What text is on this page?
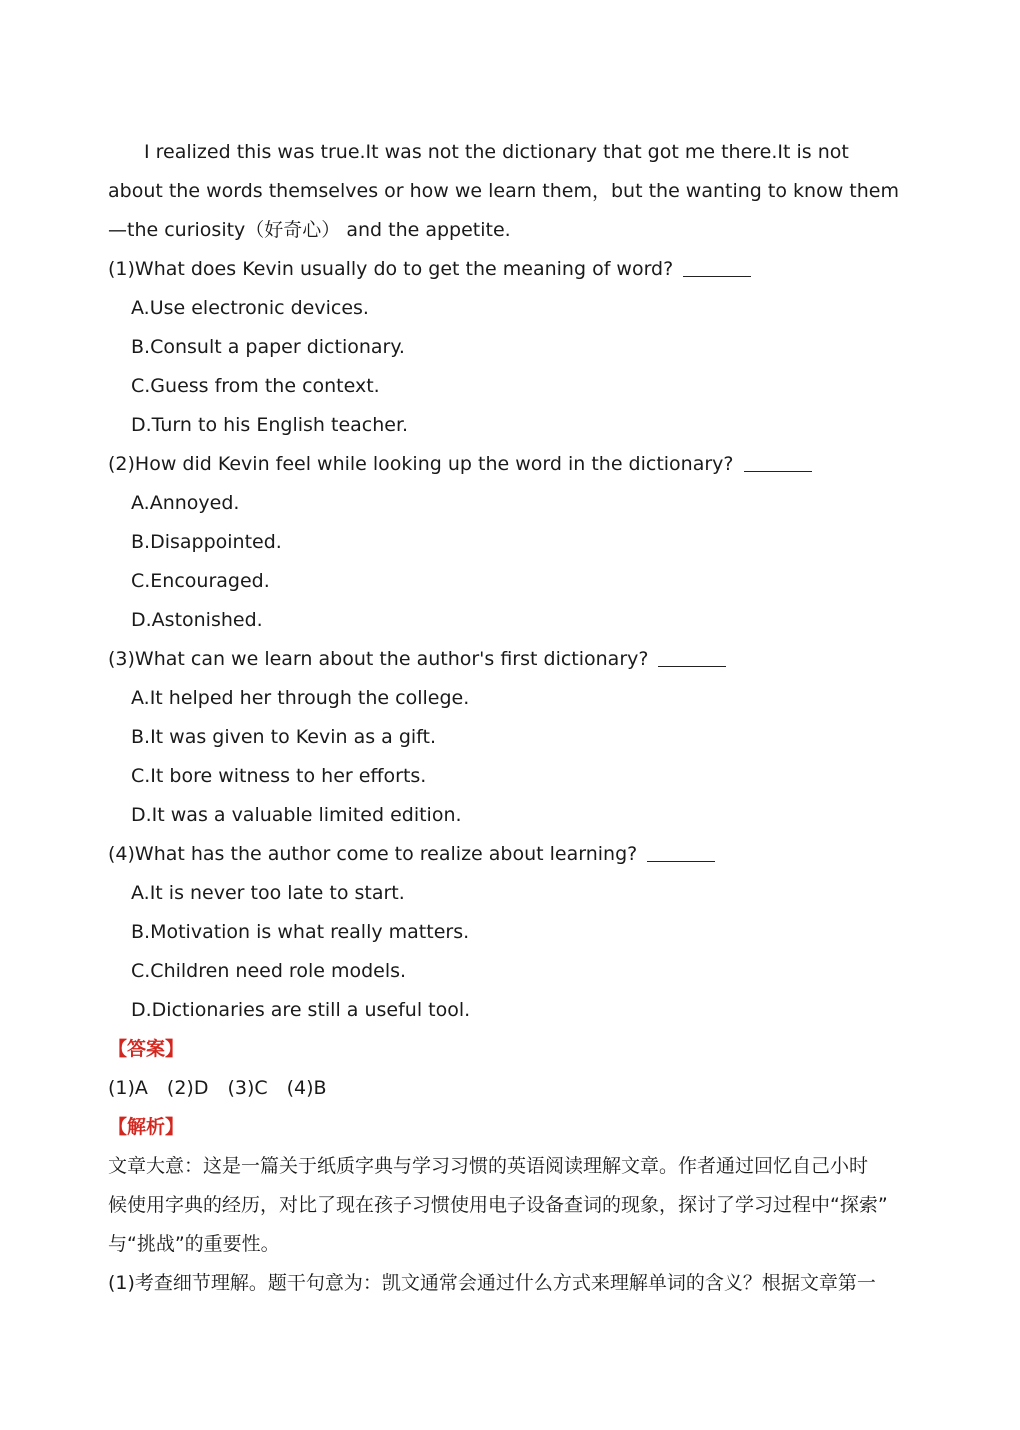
I realized this was true.It was not the dictionary that got me there.It is not
about the words themselves or how we learn them，but the wanting to know them
—the curiosity（好奇心） and the appetite.
(1)What does Kevin usually do to get the meaning of word?
A.Use electronic devices.
B.Consult a paper dictionary.
C.Guess from the context.
D.Turn to his English teacher.
(2)How did Kevin feel while looking up the word in the dictionary?
A.Annoyed.
B.Disappointed.
C.Encouraged.
D.Astonished.
(3)What can we learn about the author's first dictionary?
A.It helped her through the college.
B.It was given to Kevin as a gift.
C.It bore witness to her efforts.
D.It was a valuable limited edition.
(4)What has the author come to realize about learning?
A.It is never too late to start.
B.Motivation is what really matters.
C.Children need role models.
D.Dictionaries are still a useful tool.
【答案】
(1)A　(2)D　(3)C　(4)B
【解析】
文章大意：这是一篇关于纸质字典与学习习惯的英语阅读理解文章。作者通过回忆自己小时
候使用字典的经历，对比了现在孩子习惯使用电子设备查词的现象，探讨了学习过程中“探索”
与“挑战”的重要性。
(1)考查细节理解。题干句意为：凯文通常会通过什么方式来理解单词的含义？根据文章第一
